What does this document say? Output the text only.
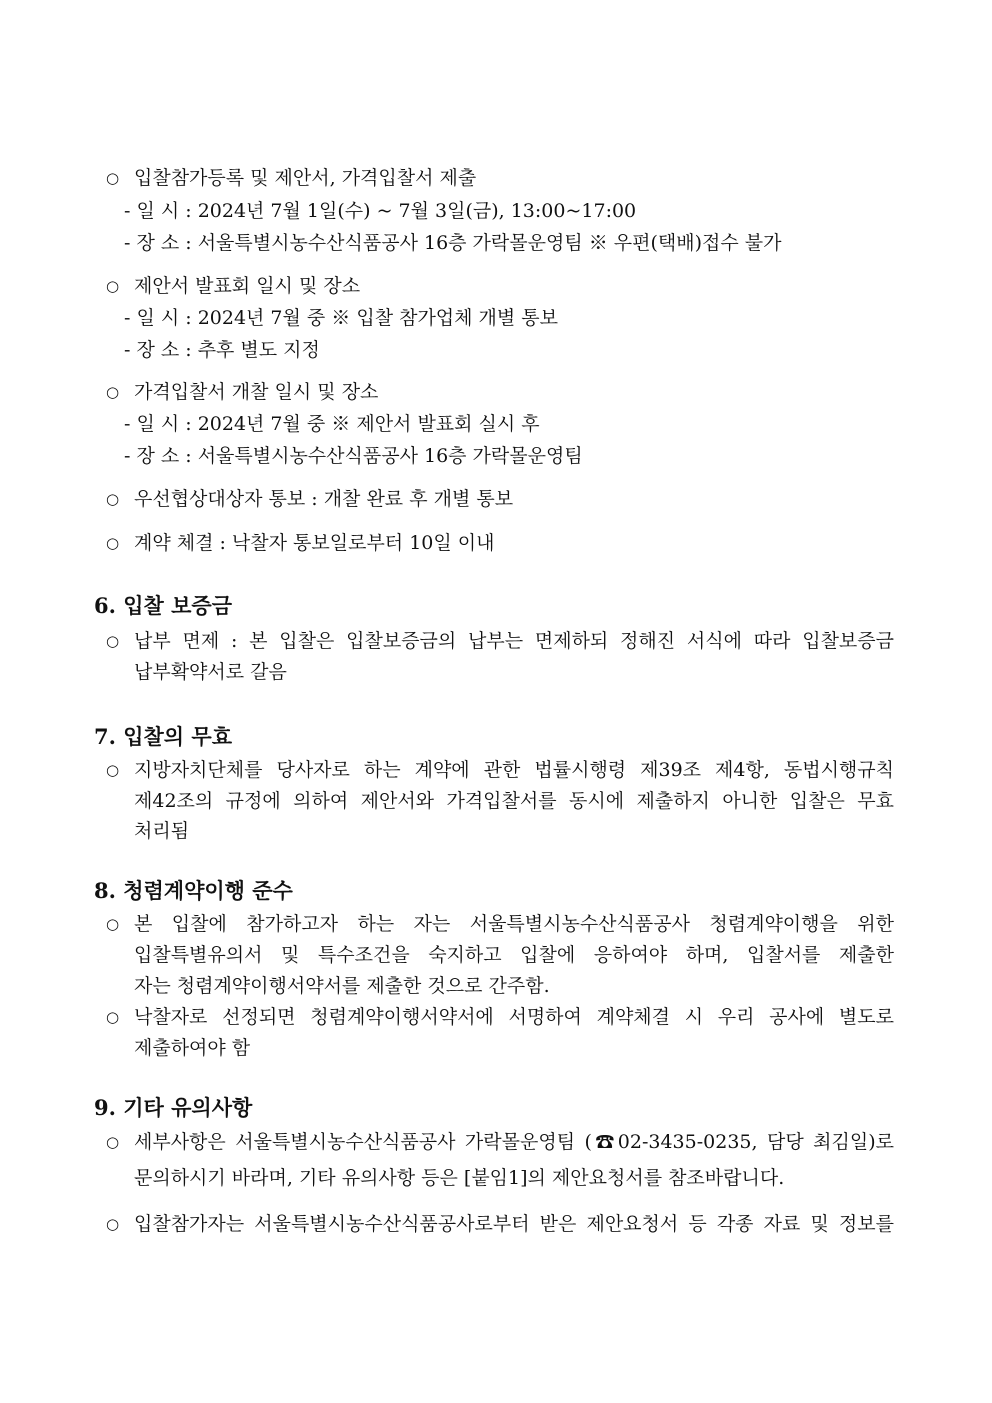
○ 입찰참가등록 및 제안서, 가격입찰서 제출
- 일 시 : 2024년 7월 1일(수) ~ 7월 3일(금), 13:00~17:00
- 장 소 : 서울특별시농수산식품공사 16층 가락몰운영팀 ※ 우편(택배)접수 불가
○ 제안서 발표회 일시 및 장소
- 일 시 : 2024년 7월 중 ※ 입찰 참가업체 개별 통보
- 장 소 : 추후 별도 지정
○ 가격입찰서 개찰 일시 및 장소
- 일 시 : 2024년 7월 중 ※ 제안서 발표회 실시 후
- 장 소 : 서울특별시농수산식품공사 16층 가락몰운영팀
○ 우선협상대상자 통보 : 개찰 완료 후 개별 통보
○ 계약 체결 : 낙찰자 통보일로부터 10일 이내
6. 입찰 보증금
○ 납부 면제 : 본 입찰은 입찰보증금의 납부는 면제하되 정해진 서식에 따라 입찰보증금
납부확약서로 갈음
7. 입찰의 무효
○ 지방자치단체를 당사자로 하는 계약에 관한 법률시행령 제39조 제4항, 동법시행규칙
제42조의 규정에 의하여 제안서와 가격입찰서를 동시에 제출하지 아니한 입찰은 무효
처리됨
8. 청렴계약이행 준수
○ 본 입찰에 참가하고자 하는 자는 서울특별시농수산식품공사 청렴계약이행을 위한
입찰특별유의서 및 특수조건을 숙지하고 입찰에 응하여야 하며, 입찰서를 제출한
자는 청렴계약이행서약서를 제출한 것으로 간주함.
○ 낙찰자로 선정되면 청렴계약이행서약서에 서명하여 계약체결 시 우리 공사에 별도로
제출하여야 함
9. 기타 유의사항
○ 세부사항은 서울특별시농수산식품공사 가락몰운영팀 (☎02-3435-0235, 담당 최김일)로
문의하시기 바라며, 기타 유의사항 등은 [붙임1]의 제안요청서를 참조바랍니다.
○ 입찰참가자는 서울특별시농수산식품공사로부터 받은 제안요청서 등 각종 자료 및 정보를
